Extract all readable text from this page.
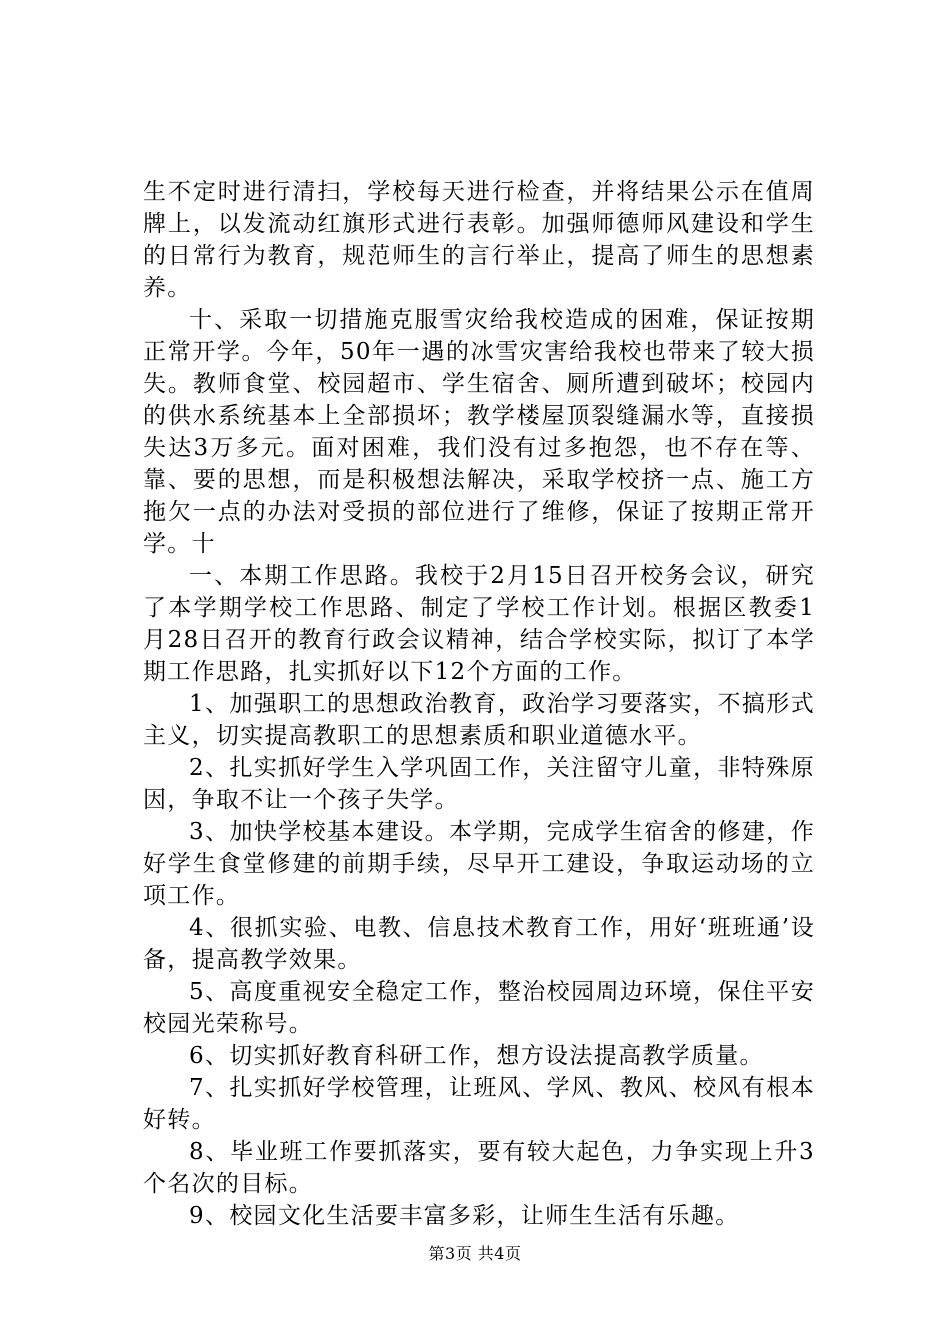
生不定时进行清扫，学校每天进行检查，并将结果公示在值周牌上，以发流动红旗形式进行表彰。加强师德师风建设和学生的日常行为教育，规范师生的言行举止，提高了师生的思想素养。

十、采取一切措施克服雪灾给我校造成的困难，保证按期正常开学。今年，50年一遇的冰雪灾害给我校也带来了较大损失。教师食堂、校园超市、学生宿舍、厕所遭到破坏；校园内的供水系统基本上全部损坏；教学楼屋顶裂缝漏水等，直接损失达3万多元。面对困难，我们没有过多抱怨，也不存在等、靠、要的思想，而是积极想法解决，采取学校挤一点、施工方拖欠一点的办法对受损的部位进行了维修，保证了按期正常开学。十

一、本期工作思路。我校于2月15日召开校务会议，研究了本学期学校工作思路、制定了学校工作计划。根据区教委1月28日召开的教育行政会议精神，结合学校实际，拟订了本学期工作思路，扎实抓好以下12个方面的工作。

1、加强职工的思想政治教育，政治学习要落实，不搞形式主义，切实提高教职工的思想素质和职业道德水平。

2、扎实抓好学生入学巩固工作，关注留守儿童，非特殊原因，争取不让一个孩子失学。

3、加快学校基本建设。本学期，完成学生宿舍的修建，作好学生食堂修建的前期手续，尽早开工建设，争取运动场的立项工作。

4、很抓实验、电教、信息技术教育工作，用好‘班班通’设备，提高教学效果。

5、高度重视安全稳定工作，整治校园周边环境，保住平安校园光荣称号。

6、切实抓好教育科研工作，想方设法提高教学质量。

7、扎实抓好学校管理，让班风、学风、教风、校风有根本好转。

8、毕业班工作要抓落实，要有较大起色，力争实现上升3个名次的目标。

9、校园文化生活要丰富多彩，让师生生活有乐趣。

第3页 共4页
